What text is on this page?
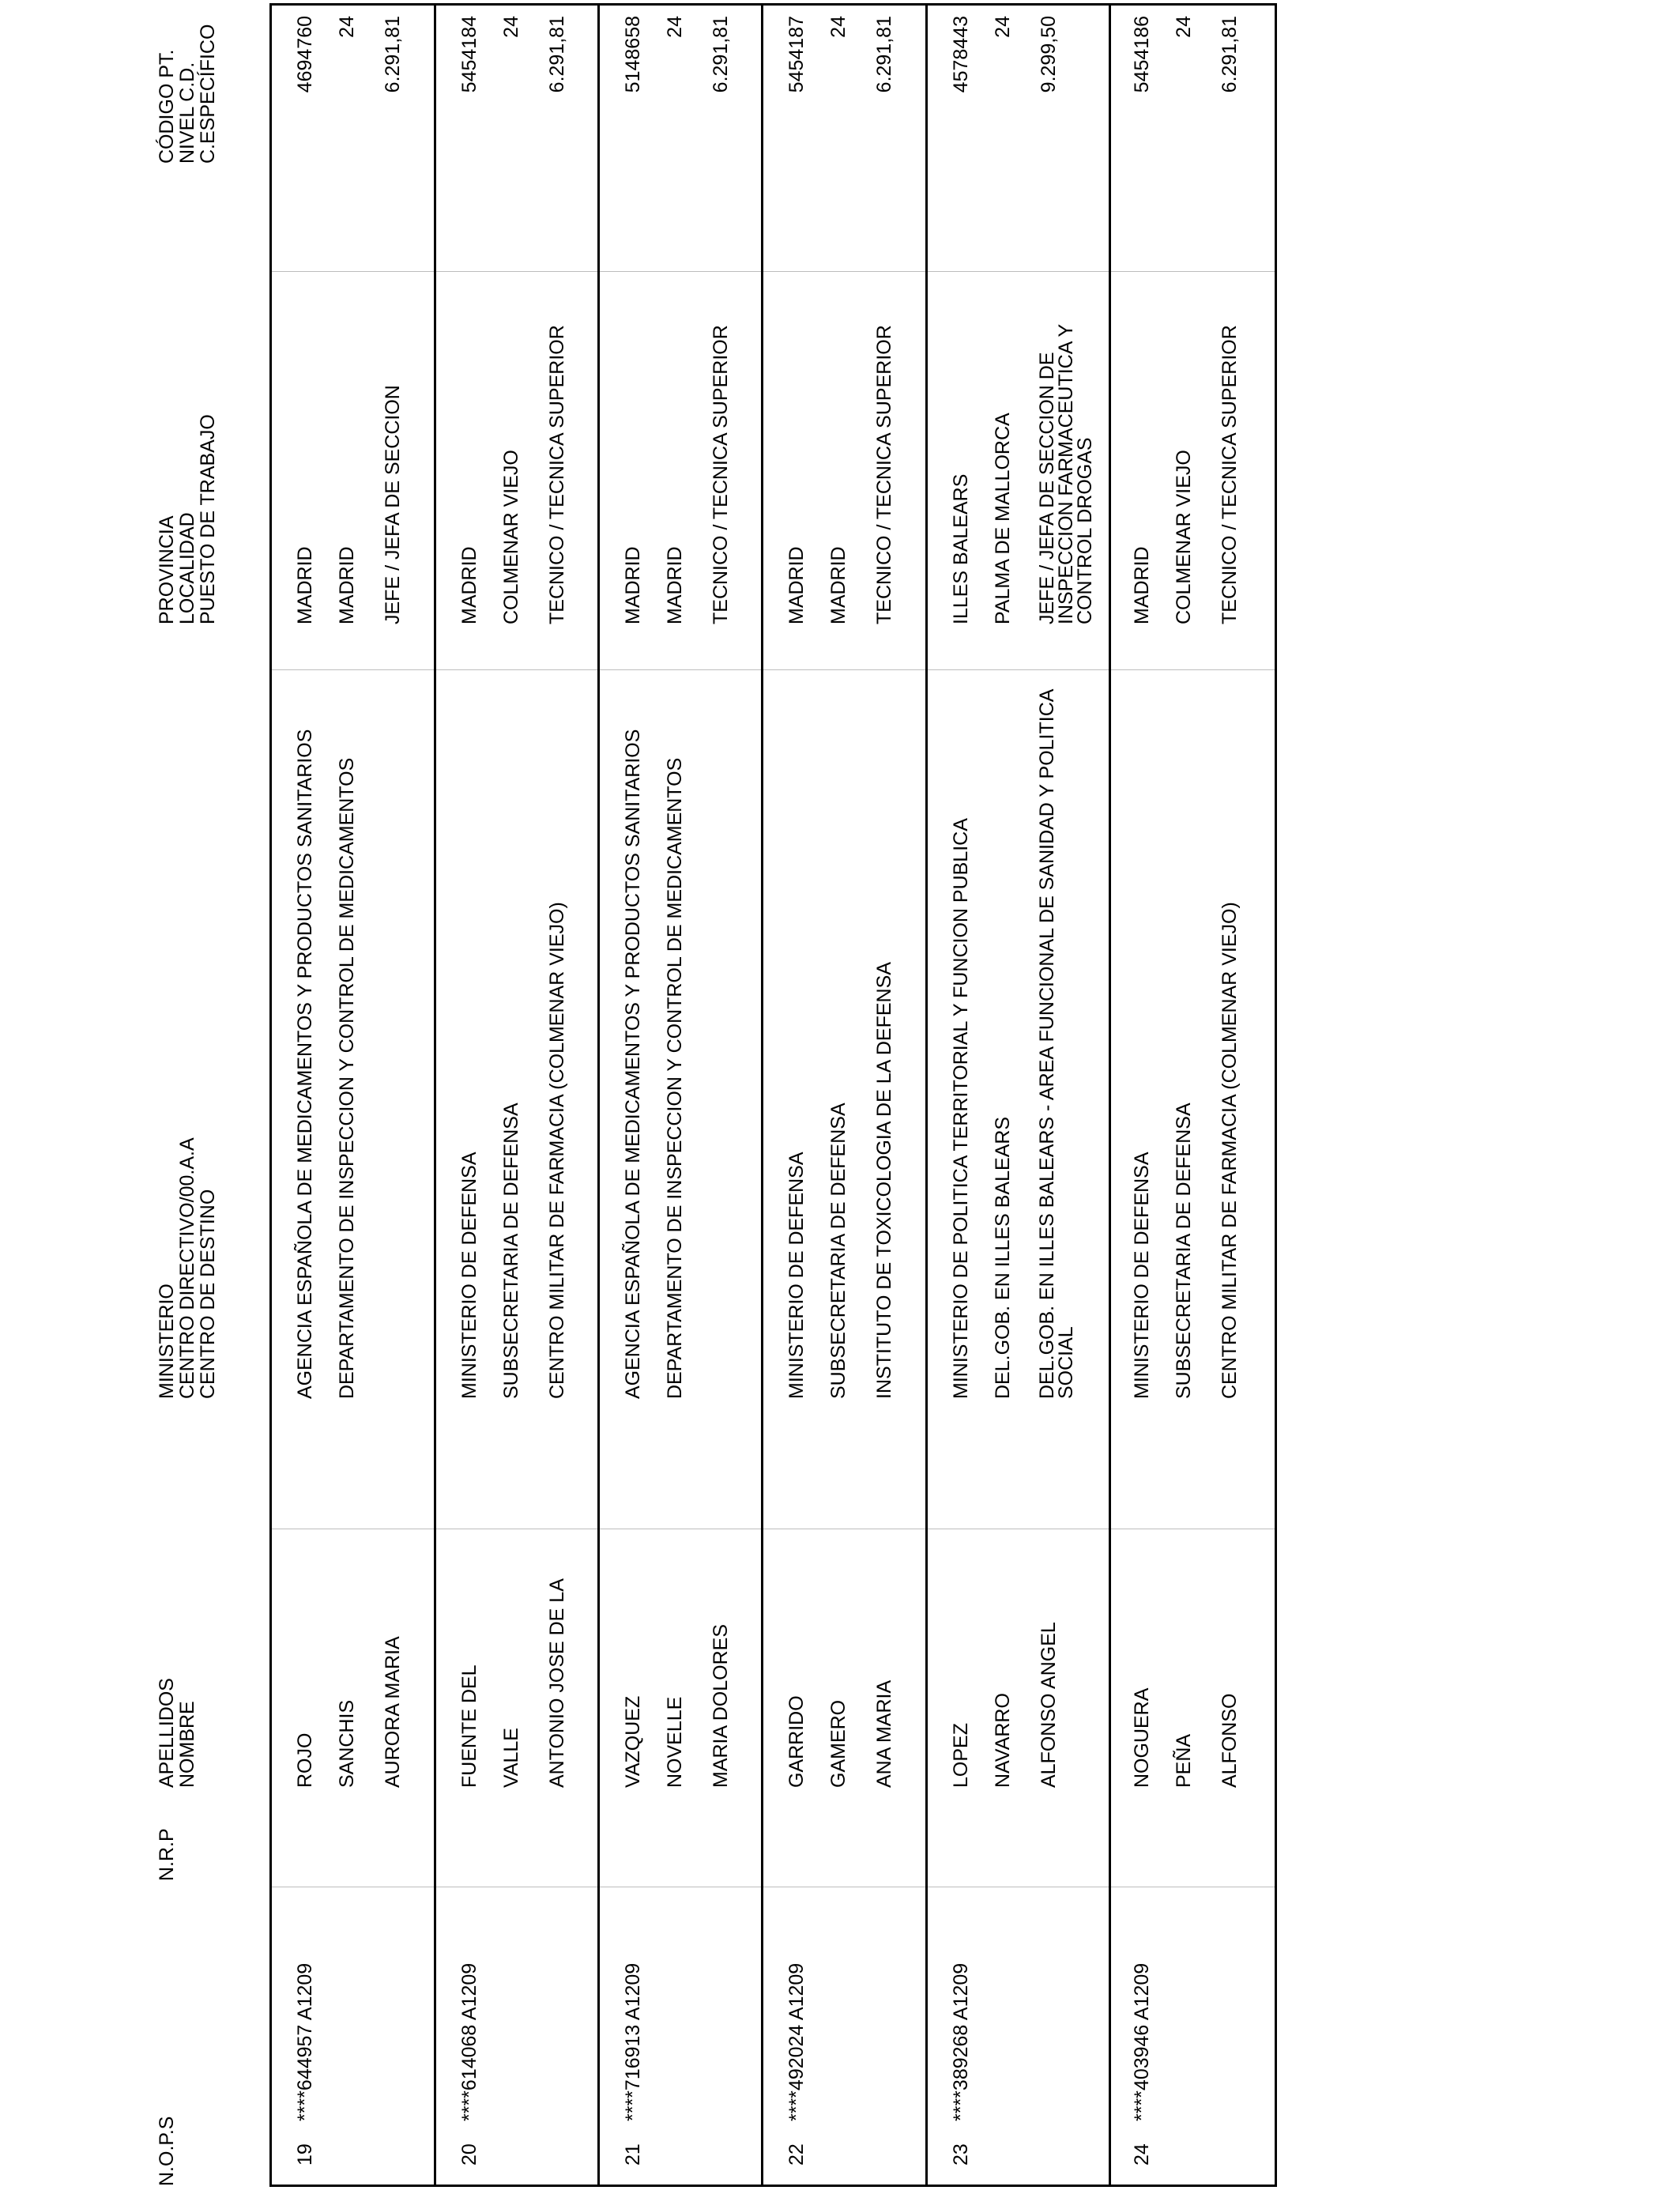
N.O.P.S
N.R.P
APELLIDOS
NOMBRE
MINISTERIO
CENTRO DIRECTIVO/00.A.A
CENTRO DE DESTINO
PROVINCIA
LOCALIDAD
PUESTO DE TRABAJO
CÓDIGO PT.
NIVEL C.D.
C.ESPECÍFICO
19
****644957 A1209
ROJO SANCHIS AURORA MARIA
AGENCIA ESPAÑOLA DE MEDICAMENTOS Y PRODUCTOS SANITARIOS DEPARTAMENTO DE INSPECCION Y CONTROL DE MEDICAMENTOS
MADRID MADRID JEFE / JEFA DE SECCION
4694760 24 6.291,81
20
****614068 A1209
FUENTE DEL VALLE ANTONIO JOSE DE LA
MINISTERIO DE DEFENSA SUBSECRETARIA DE DEFENSA CENTRO MILITAR DE FARMACIA (COLMENAR VIEJO)
MADRID COLMENAR VIEJO TECNICO / TECNICA SUPERIOR
5454184 24 6.291,81
21
****716913 A1209
VAZQUEZ NOVELLE MARIA DOLORES
AGENCIA ESPAÑOLA DE MEDICAMENTOS Y PRODUCTOS SANITARIOS DEPARTAMENTO DE INSPECCION Y CONTROL DE MEDICAMENTOS
MADRID MADRID TECNICO / TECNICA SUPERIOR
5148658 24 6.291,81
22
****492024 A1209
GARRIDO GAMERO ANA MARIA
MINISTERIO DE DEFENSA SUBSECRETARIA DE DEFENSA INSTITUTO DE TOXICOLOGIA DE LA DEFENSA
MADRID MADRID TECNICO / TECNICA SUPERIOR
5454187 24 6.291,81
23
****389268 A1209
LOPEZ NAVARRO ALFONSO ANGEL
MINISTERIO DE POLITICA TERRITORIAL Y FUNCION PUBLICA DEL.GOB. EN ILLES BALEARS DEL.GOB. EN ILLES BALEARS - AREA FUNCIONAL DE SANIDAD Y POLITICA SOCIAL
ILLES BALEARS PALMA DE MALLORCA JEFE / JEFA DE SECCION DE INSPECCION FARMACEUTICA Y CONTROL DROGAS
4578443 24 9.299,50
24
****403946 A1209
NOGUERA PEÑA ALFONSO
MINISTERIO DE DEFENSA SUBSECRETARIA DE DEFENSA CENTRO MILITAR DE FARMACIA (COLMENAR VIEJO)
MADRID COLMENAR VIEJO TECNICO / TECNICA SUPERIOR
5454186 24 6.291,81
